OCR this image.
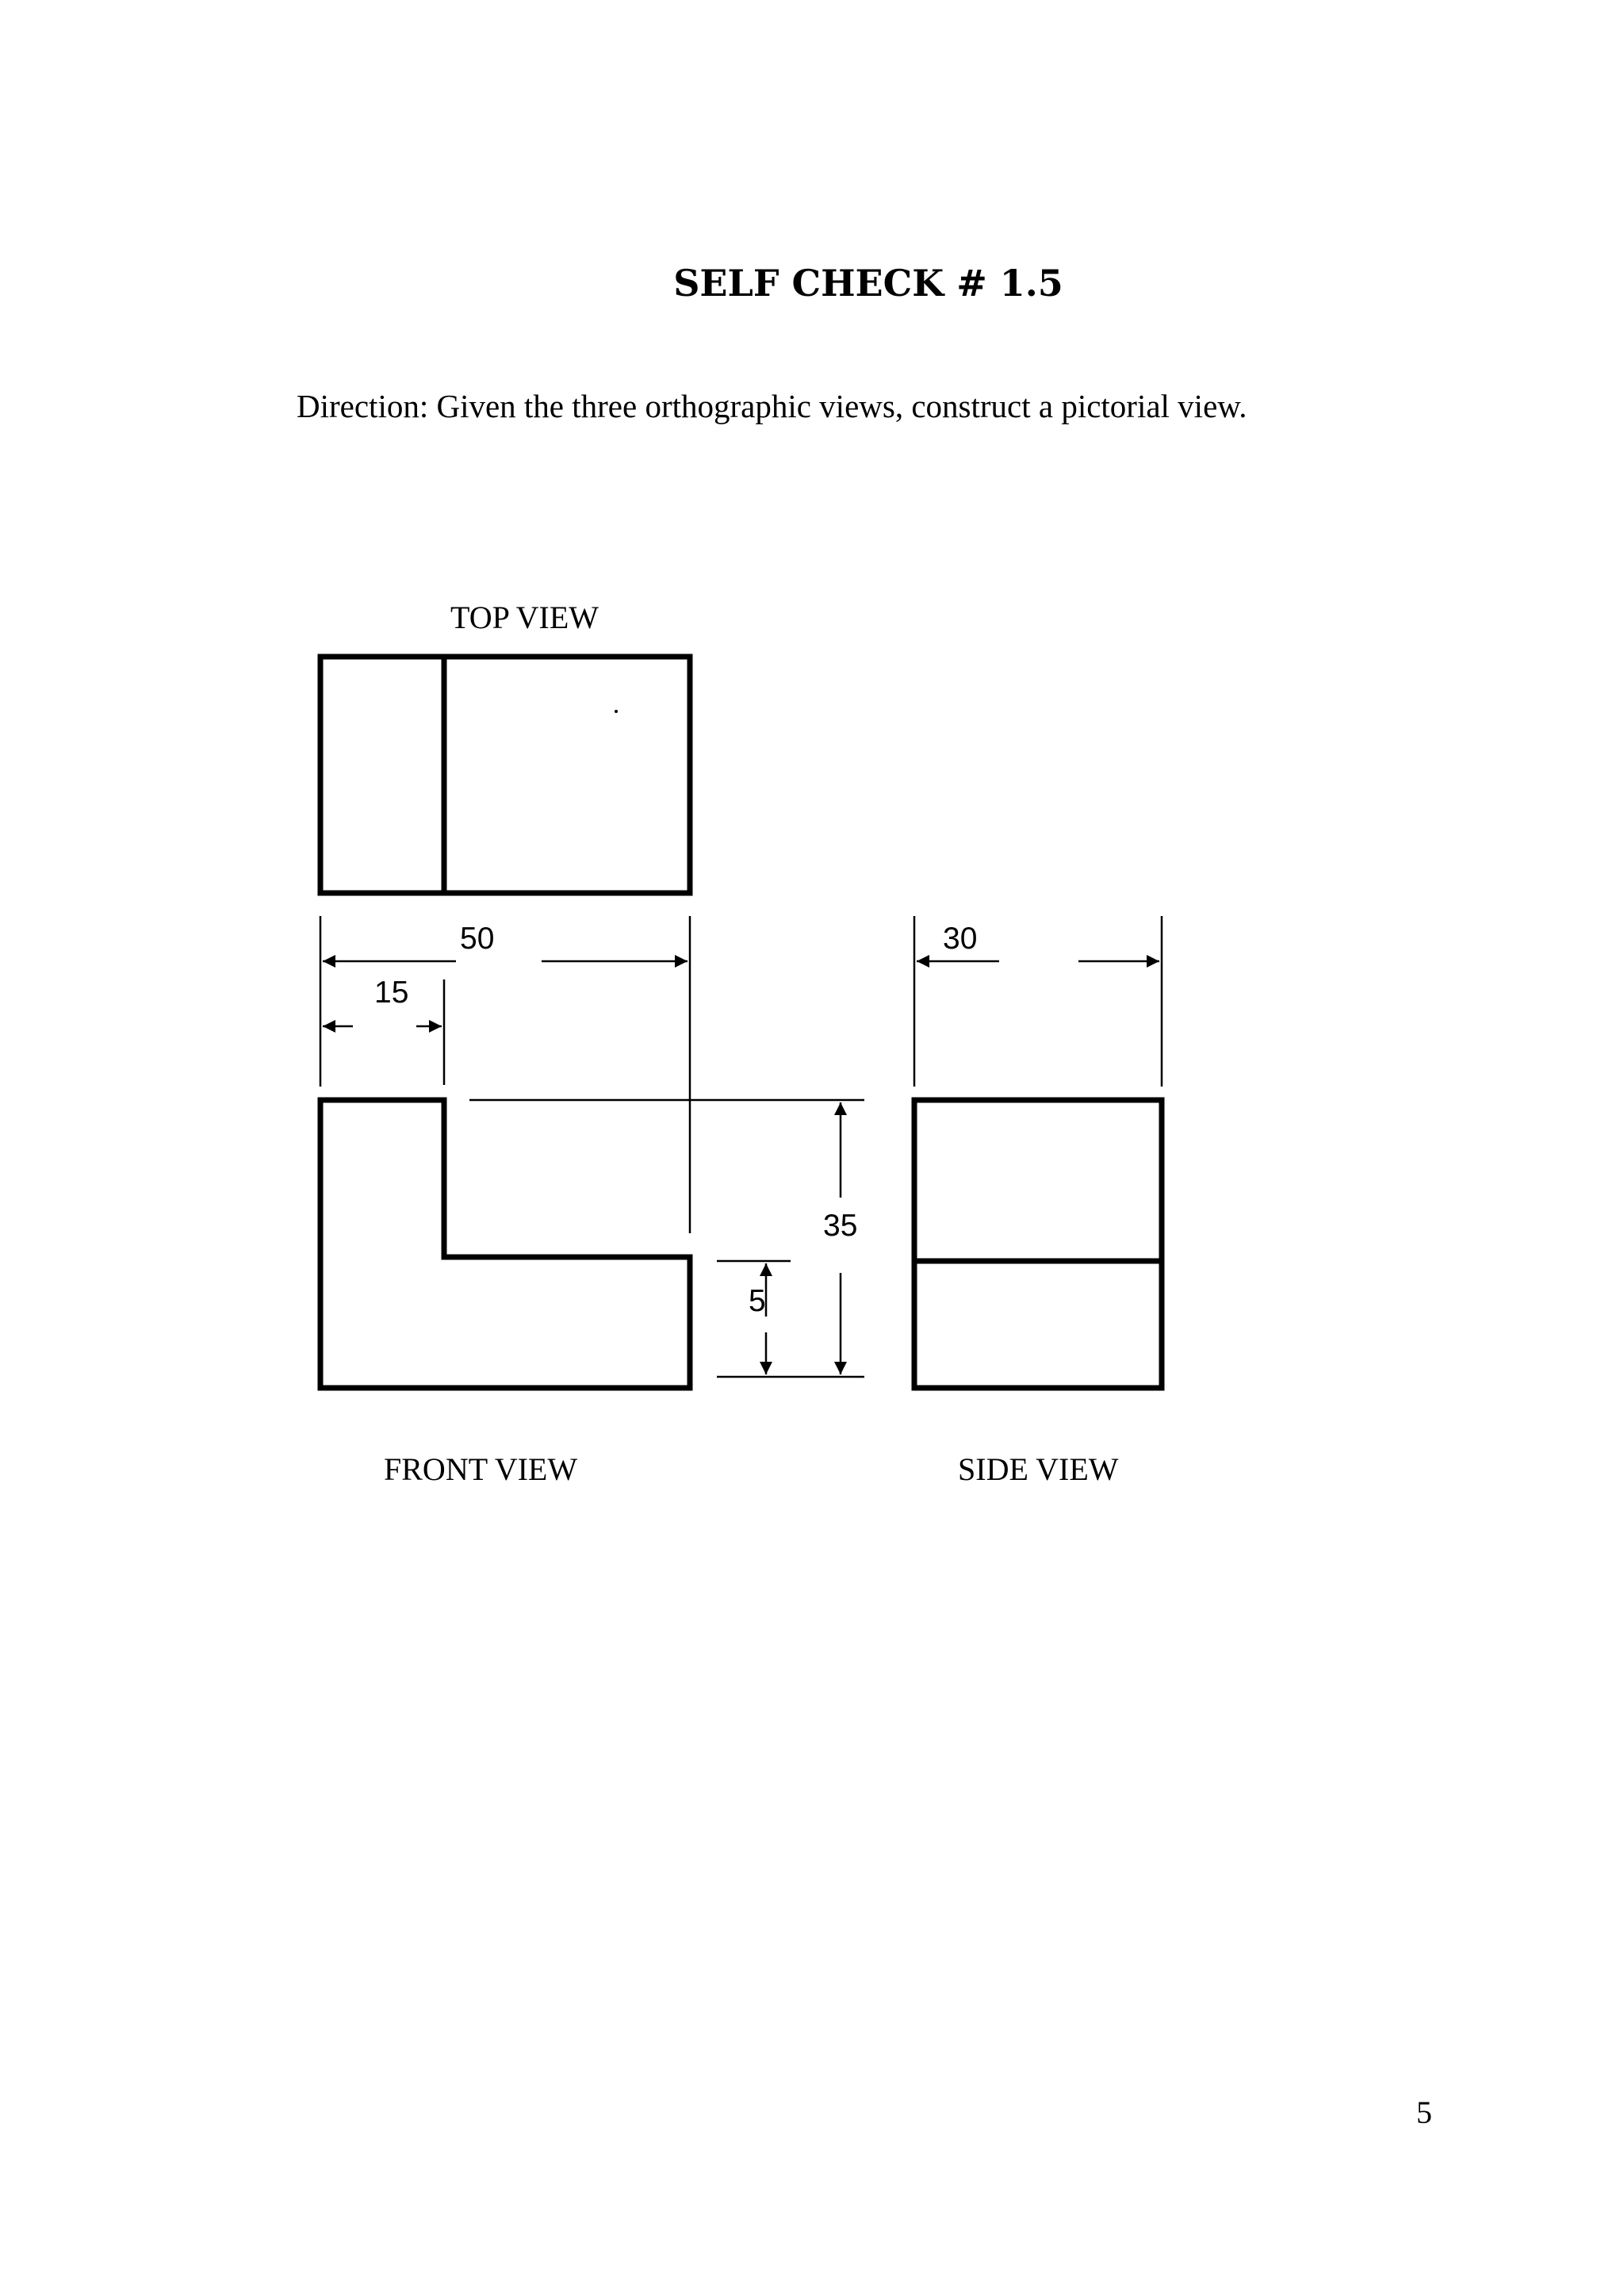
SELF CHECK # 1.5
Direction: Given the three orthographic views, construct a pictorial view.
TOP VIEW
50
15
30
FRONT VIEW
35
5
SIDE VIEW
5
